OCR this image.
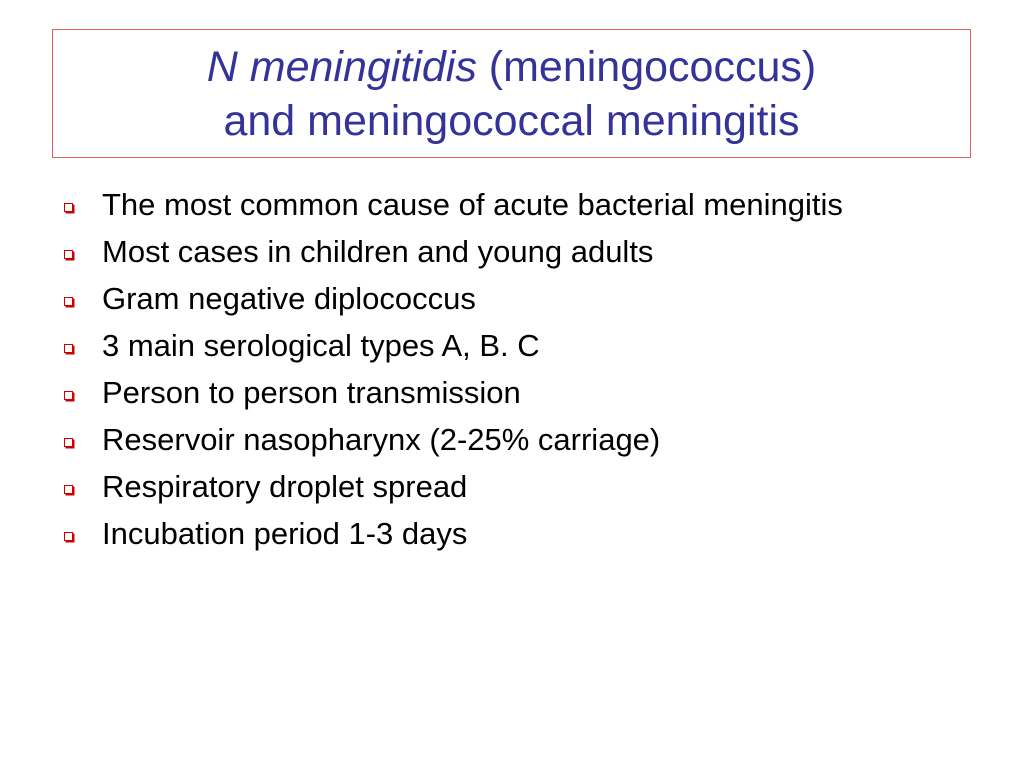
N meningitidis (meningococcus)
and meningococcal meningitis
The most common cause of acute bacterial meningitis
Most cases in children and young adults
Gram negative diplococcus
3 main serological types A, B. C
Person to person transmission
Reservoir nasopharynx (2-25% carriage)
Respiratory droplet spread
Incubation period 1-3 days
